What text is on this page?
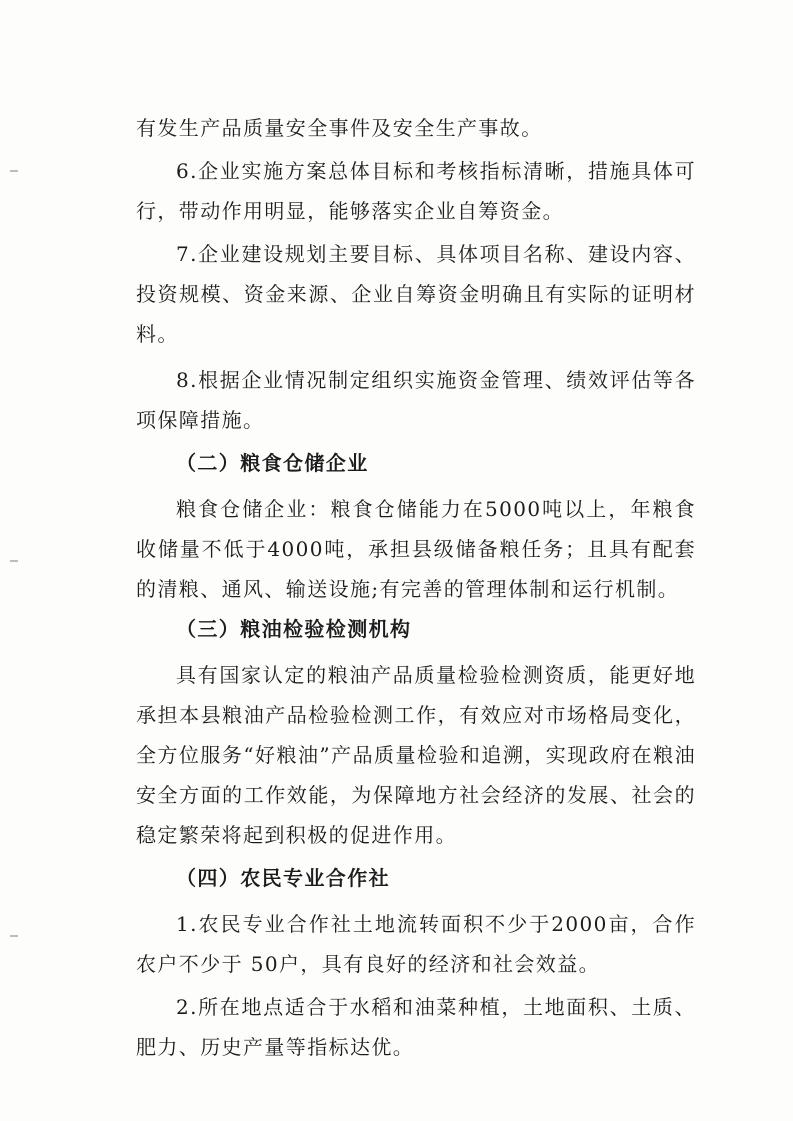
有发生产品质量安全事件及安全生产事故。

6.企业实施方案总体目标和考核指标清晰，措施具体可行，带动作用明显，能够落实企业自筹资金。

7.企业建设规划主要目标、具体项目名称、建设内容、投资规模、资金来源、企业自筹资金明确且有实际的证明材料。

8.根据企业情况制定组织实施资金管理、绩效评估等各项保障措施。

（二）粮食仓储企业

粮食仓储企业：粮食仓储能力在5000吨以上，年粮食收储量不低于4000吨，承担县级储备粮任务；且具有配套的清粮、通风、输送设施;有完善的管理体制和运行机制。

（三）粮油检验检测机构

具有国家认定的粮油产品质量检验检测资质，能更好地承担本县粮油产品检验检测工作，有效应对市场格局变化，全方位服务“好粮油”产品质量检验和追溯，实现政府在粮油安全方面的工作效能，为保障地方社会经济的发展、社会的稳定繁荣将起到积极的促进作用。

（四）农民专业合作社

1.农民专业合作社土地流转面积不少于2000亩，合作农户不少于 50户，具有良好的经济和社会效益。

2.所在地点适合于水稻和油菜种植，土地面积、土质、肥力、历史产量等指标达优。
